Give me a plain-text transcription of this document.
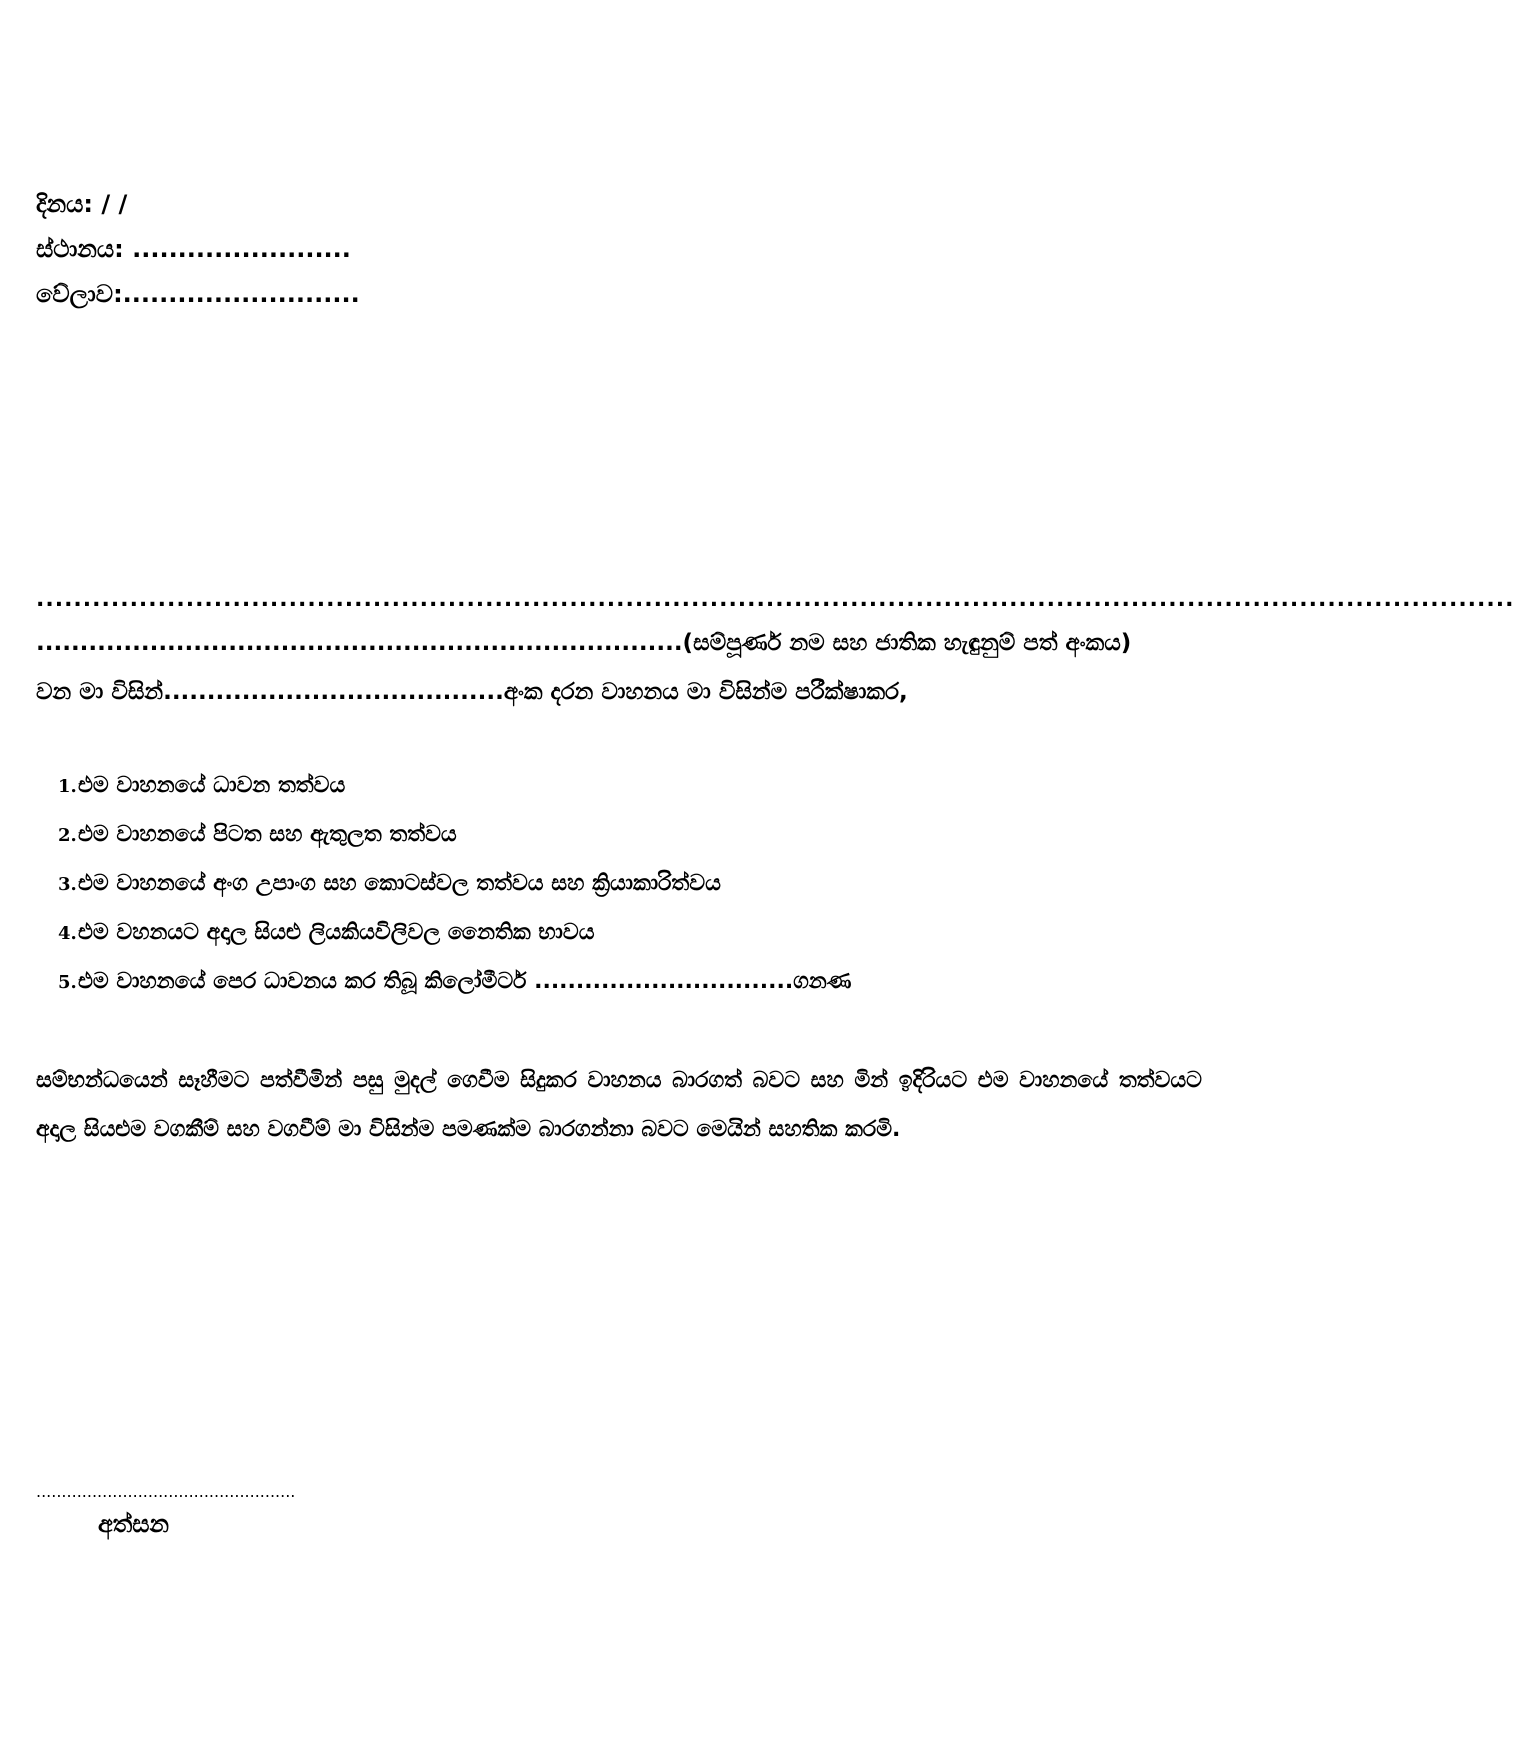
දිනය: / /
ස්ථානය: ........................
වේලාව:..........................
..............................................................................................................................................................
..........................................................................(සම්පූර්ණ නම සහ ජාතික හැඳුනුම් පත් අංකය)
වන මා විසින්.......................................අංක දරන වාහනය මා විසින්ම පරීක්ෂාකර,
1.එම වාහනයේ ධාවන තත්වය
2.එම වාහනයේ පිටත සහ ඇතුලත තත්වය
3.එම වාහනයේ අංග උපාංග සහ කොටස්වල තත්වය සහ ක්‍රියාකාරිත්වය
4.එම වහනයට අදාල සියළු ලියකියවිලිවල නෛතික භාවය
5.එම වාහනයේ පෙර ධාවනය කර තිබූ කිලෝමීටර් ...............................ගනණ
සම්භන්ධයෙන් සෑහීමට පත්වීමින් පසු මුදල් ගෙවීම සිදුකර වාහනය බාරගත් බවට සහ මින් ඉදිරියට එම වාහනයේ තත්වයට අදාල සියළුම වගකීම් සහ වගවීම් මා විසින්ම පමණක්ම බාරගන්නා බවට මෙයින් සහතික කරමි.
...................................................
අත්සන
